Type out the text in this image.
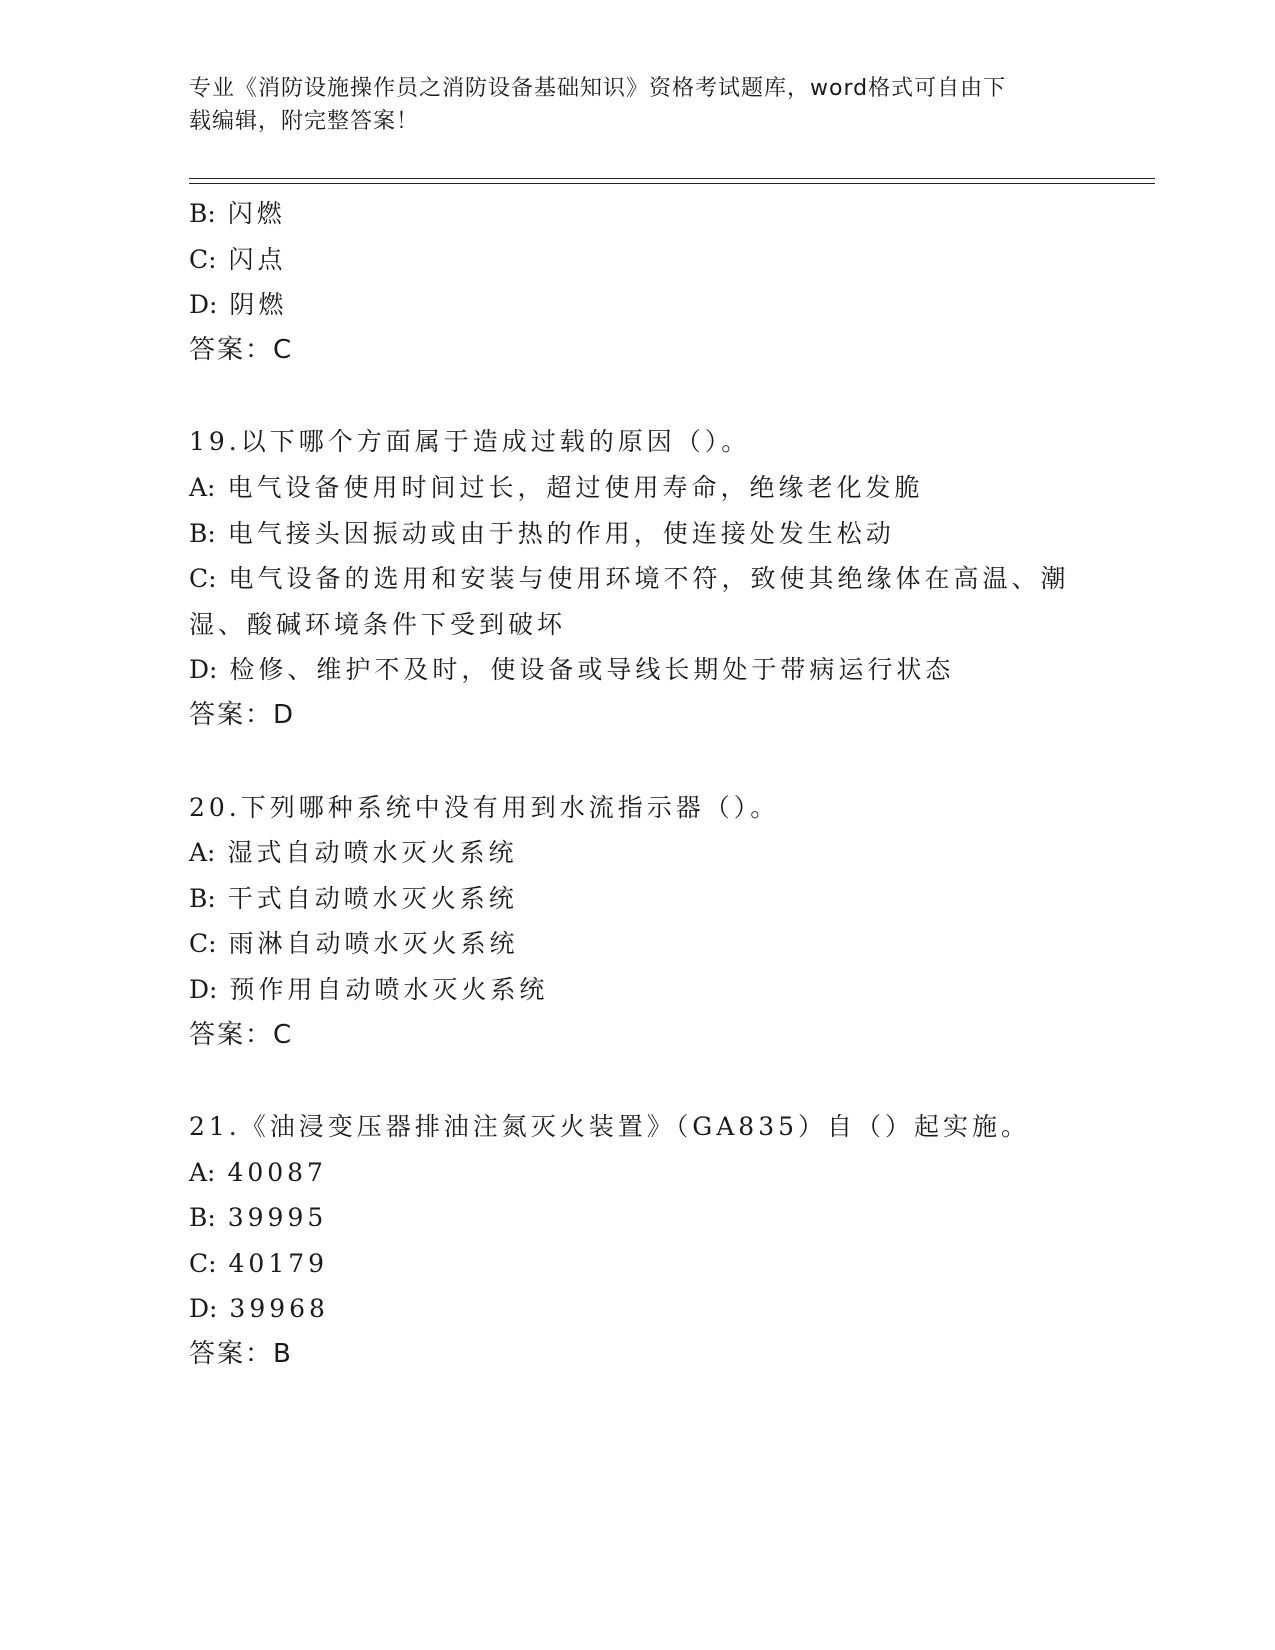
专业《消防设施操作员之消防设备基础知识》资格考试题库，word格式可自由下
载编辑，附完整答案！
B: 闪燃
C: 闪点
D: 阴燃
答案：C
19.以下哪个方面属于造成过载的原因（）。
A: 电气设备使用时间过长，超过使用寿命，绝缘老化发脆
B: 电气接头因振动或由于热的作用，使连接处发生松动
C: 电气设备的选用和安装与使用环境不符，致使其绝缘体在高温、潮
湿、酸碱环境条件下受到破坏
D: 检修、维护不及时，使设备或导线长期处于带病运行状态
答案：D
20.下列哪种系统中没有用到水流指示器（）。
A: 湿式自动喷水灭火系统
B: 干式自动喷水灭火系统
C: 雨淋自动喷水灭火系统
D: 预作用自动喷水灭火系统
答案：C
21.《油浸变压器排油注氮灭火装置》（GA835）自（）起实施。
A: 40087
B: 39995
C: 40179
D: 39968
答案：B
